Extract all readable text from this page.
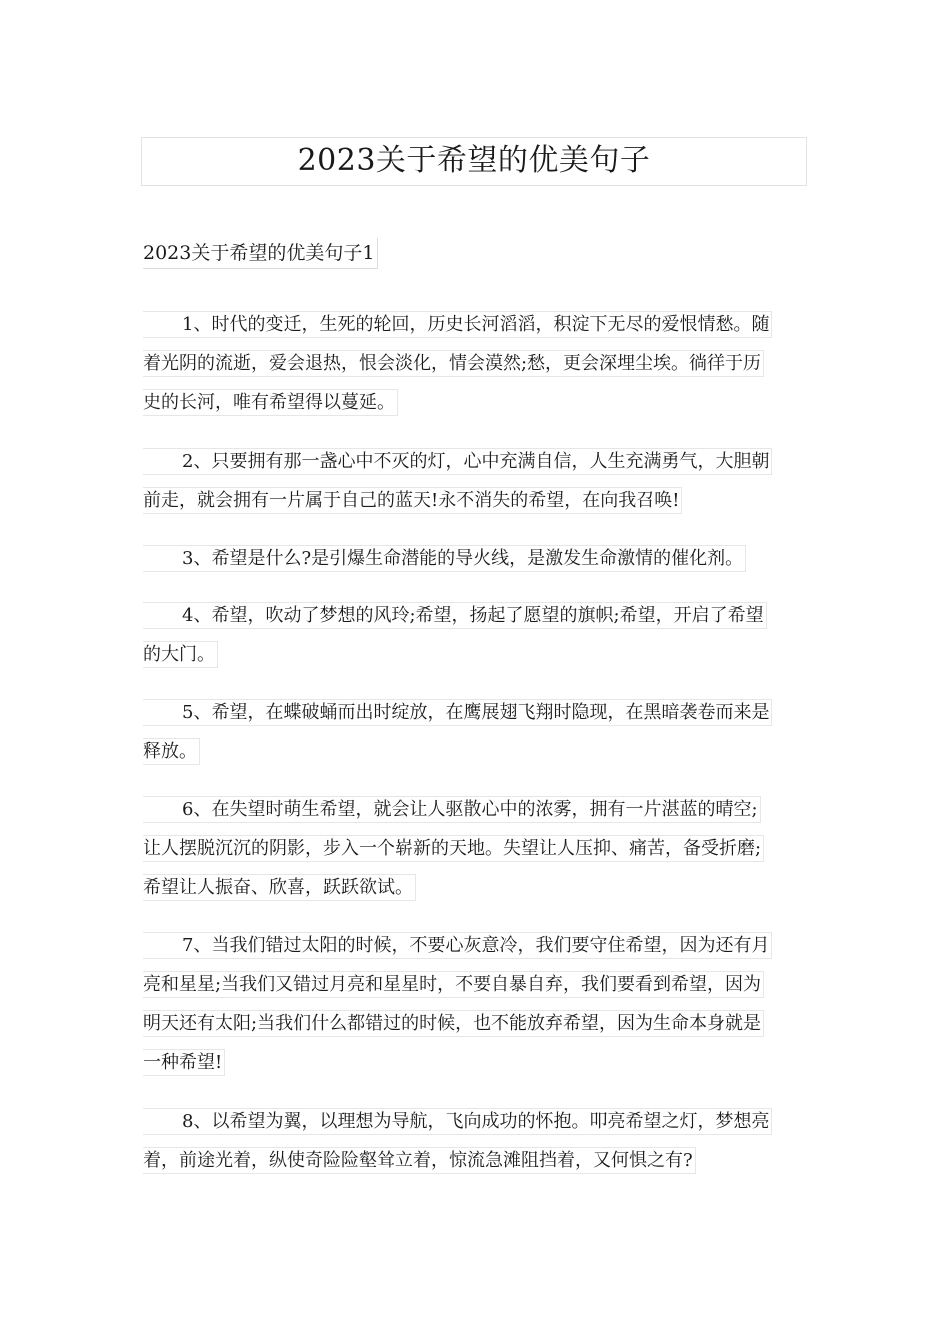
2023关于希望的优美句子
2023关于希望的优美句子1
1、时代的变迁，生死的轮回，历史长河滔滔，积淀下无尽的爱恨情愁。随
着光阴的流逝，爱会退热，恨会淡化，情会漠然;愁，更会深埋尘埃。徜徉于历
史的长河，唯有希望得以蔓延。
2、只要拥有那一盏心中不灭的灯，心中充满自信，人生充满勇气，大胆朝
前走，就会拥有一片属于自己的蓝天!永不消失的希望，在向我召唤!
3、希望是什么?是引爆生命潜能的导火线，是激发生命激情的催化剂。
4、希望，吹动了梦想的风玲;希望，扬起了愿望的旗帜;希望，开启了希望
的大门。
5、希望，在蝶破蛹而出时绽放，在鹰展翅飞翔时隐现，在黑暗袭卷而来是
释放。
6、在失望时萌生希望，就会让人驱散心中的浓雾，拥有一片湛蓝的晴空;
让人摆脱沉沉的阴影，步入一个崭新的天地。失望让人压抑、痛苦，备受折磨;
希望让人振奋、欣喜，跃跃欲试。
7、当我们错过太阳的时候，不要心灰意冷，我们要守住希望，因为还有月
亮和星星;当我们又错过月亮和星星时，不要自暴自弃，我们要看到希望，因为
明天还有太阳;当我们什么都错过的时候，也不能放弃希望，因为生命本身就是
一种希望!
8、以希望为翼，以理想为导航，飞向成功的怀抱。叩亮希望之灯，梦想亮
着，前途光着，纵使奇险险壑耸立着，惊流急滩阻挡着，又何惧之有?
